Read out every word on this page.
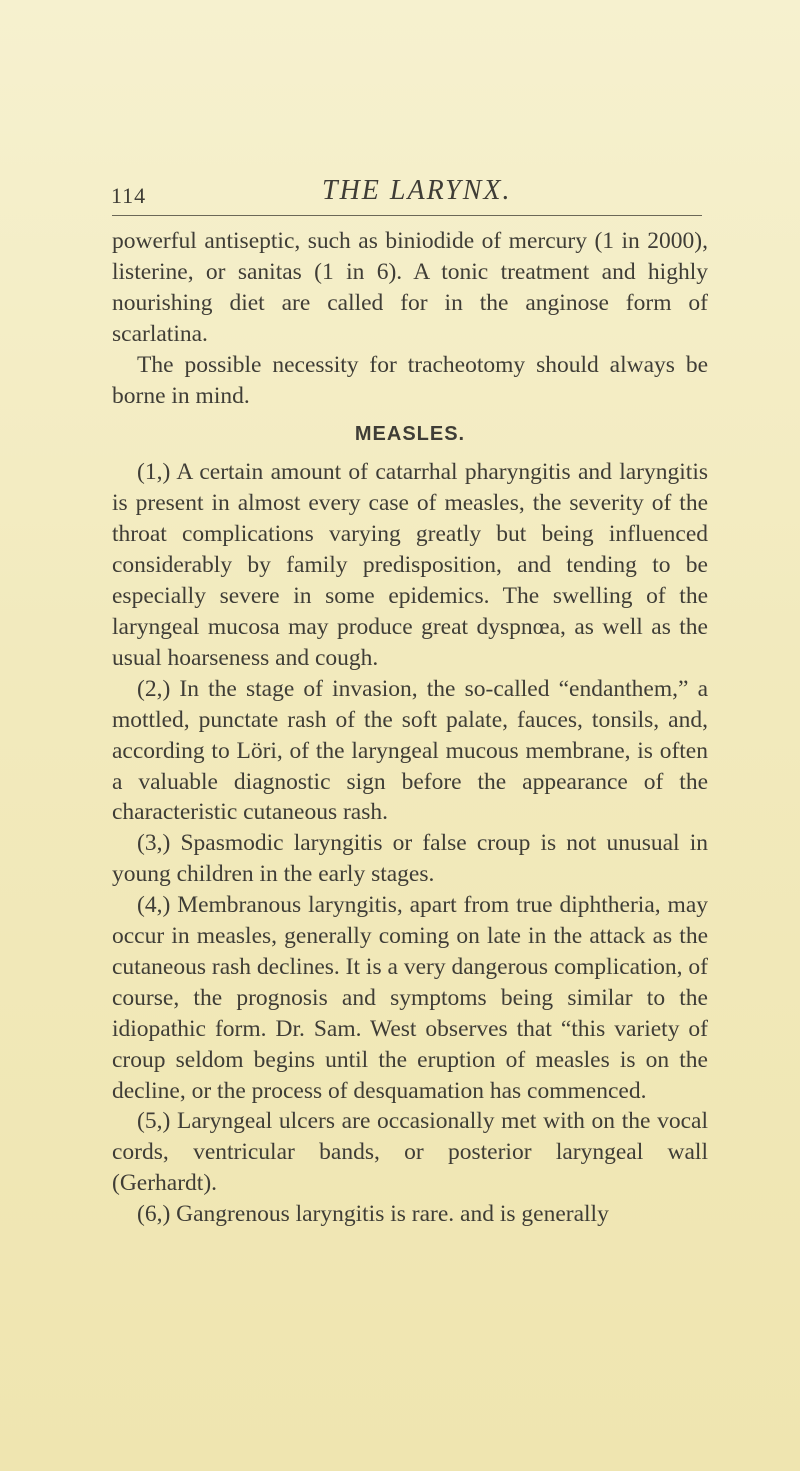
114	THE LARYNX.

powerful antiseptic, such as biniodide of mercury (1 in 2000), listerine, or sanitas (1 in 6). A tonic treatment and highly nourishing diet are called for in the anginose form of scarlatina.

The possible necessity for tracheotomy should always be borne in mind.

MEASLES.

(1,) A certain amount of catarrhal pharyngitis and laryngitis is present in almost every case of measles, the severity of the throat complications varying greatly but being influenced considerably by family predisposition, and tending to be especially severe in some epidemics. The swelling of the laryngeal mucosa may produce great dyspnœa, as well as the usual hoarseness and cough.

(2,) In the stage of invasion, the so-called “endanthem,” a mottled, punctate rash of the soft palate, fauces, tonsils, and, according to Löri, of the laryngeal mucous membrane, is often a valuable diagnostic sign before the appearance of the characteristic cutaneous rash.

(3,) Spasmodic laryngitis or false croup is not unusual in young children in the early stages.

(4,) Membranous laryngitis, apart from true diphtheria, may occur in measles, generally coming on late in the attack as the cutaneous rash declines. It is a very dangerous complication, of course, the prognosis and symptoms being similar to the idiopathic form. Dr. Sam. West observes that “this variety of croup seldom begins until the eruption of measles is on the decline, or the process of desquamation has commenced.

(5,) Laryngeal ulcers are occasionally met with on the vocal cords, ventricular bands, or posterior laryngeal wall (Gerhardt).

(6,) Gangrenous laryngitis is rare. and is generally
